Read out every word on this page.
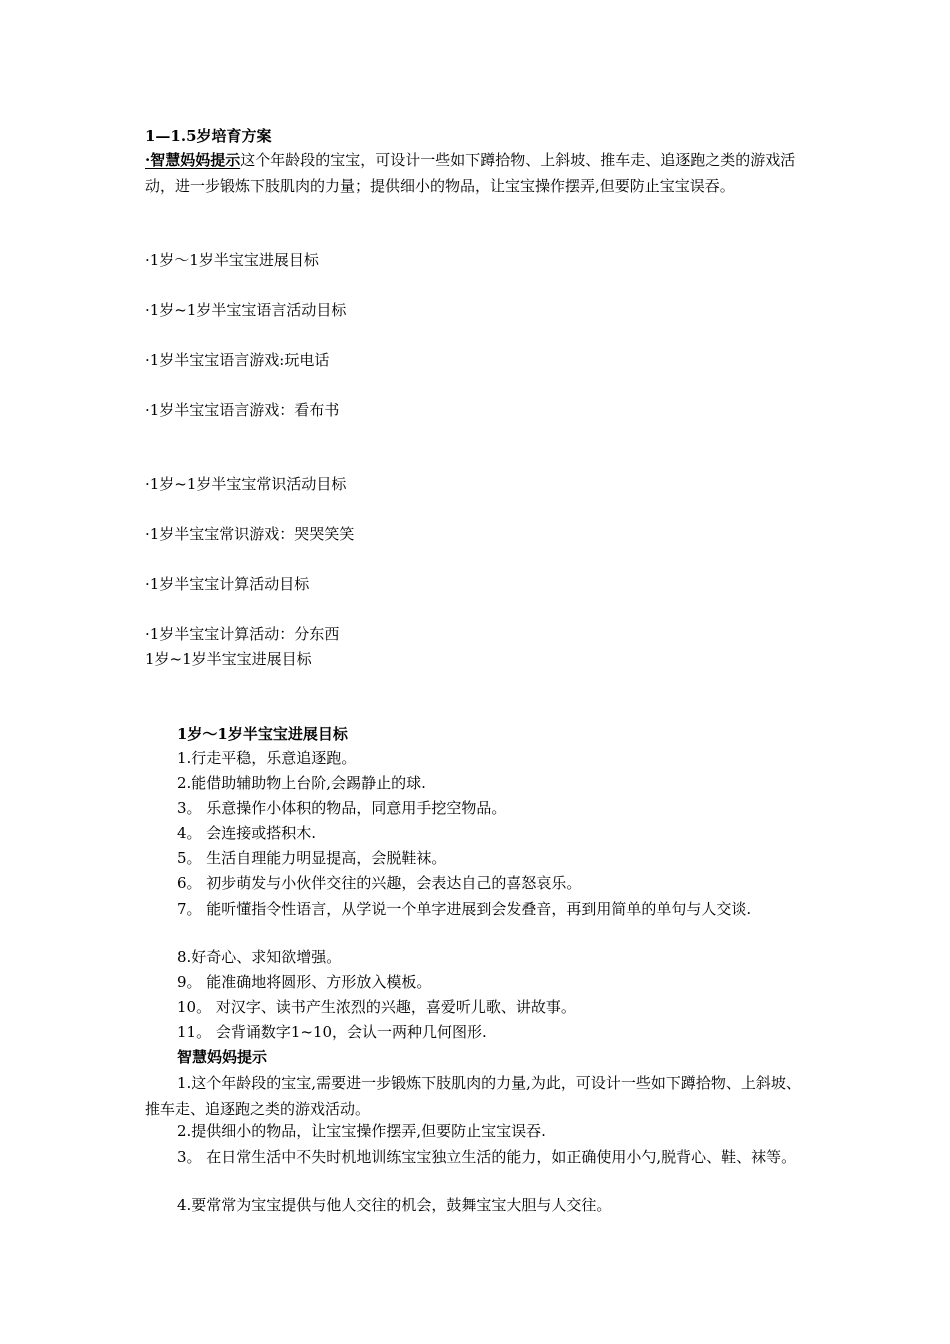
1—1.5岁培育方案
·智慧妈妈提示这个年龄段的宝宝，可设计一些如下蹲拾物、上斜坡、推车走、追逐跑之类的游戏活动，进一步锻炼下肢肌肉的力量；提供细小的物品，让宝宝操作摆弄,但要防止宝宝误吞。
·1岁～1岁半宝宝进展目标
·1岁~1岁半宝宝语言活动目标
·1岁半宝宝语言游戏:玩电话
·1岁半宝宝语言游戏：看布书
·1岁~1岁半宝宝常识活动目标
·1岁半宝宝常识游戏：哭哭笑笑
·1岁半宝宝计算活动目标
·1岁半宝宝计算活动：分东西
1岁~1岁半宝宝进展目标
1岁～1岁半宝宝进展目标
1.行走平稳，乐意追逐跑。
2.能借助辅助物上台阶,会踢静止的球.
3。 乐意操作小体积的物品，同意用手挖空物品。
4。 会连接或搭积木.
5。 生活自理能力明显提高，会脱鞋袜。
6。 初步萌发与小伙伴交往的兴趣，会表达自己的喜怒哀乐。
7。 能听懂指令性语言，从学说一个单字进展到会发叠音，再到用简单的单句与人交谈.
8.好奇心、求知欲增强。
9。 能准确地将圆形、方形放入模板。
10。 对汉字、读书产生浓烈的兴趣，喜爱听儿歌、讲故事。
11。 会背诵数字1~10，会认一两种几何图形.
智慧妈妈提示
1.这个年龄段的宝宝,需要进一步锻炼下肢肌肉的力量,为此，可设计一些如下蹲拾物、上斜坡、推车走、追逐跑之类的游戏活动。
2.提供细小的物品，让宝宝操作摆弄,但要防止宝宝误吞.
3。 在日常生活中不失时机地训练宝宝独立生活的能力，如正确使用小勺,脱背心、鞋、袜等。
4.要常常为宝宝提供与他人交往的机会，鼓舞宝宝大胆与人交往。
